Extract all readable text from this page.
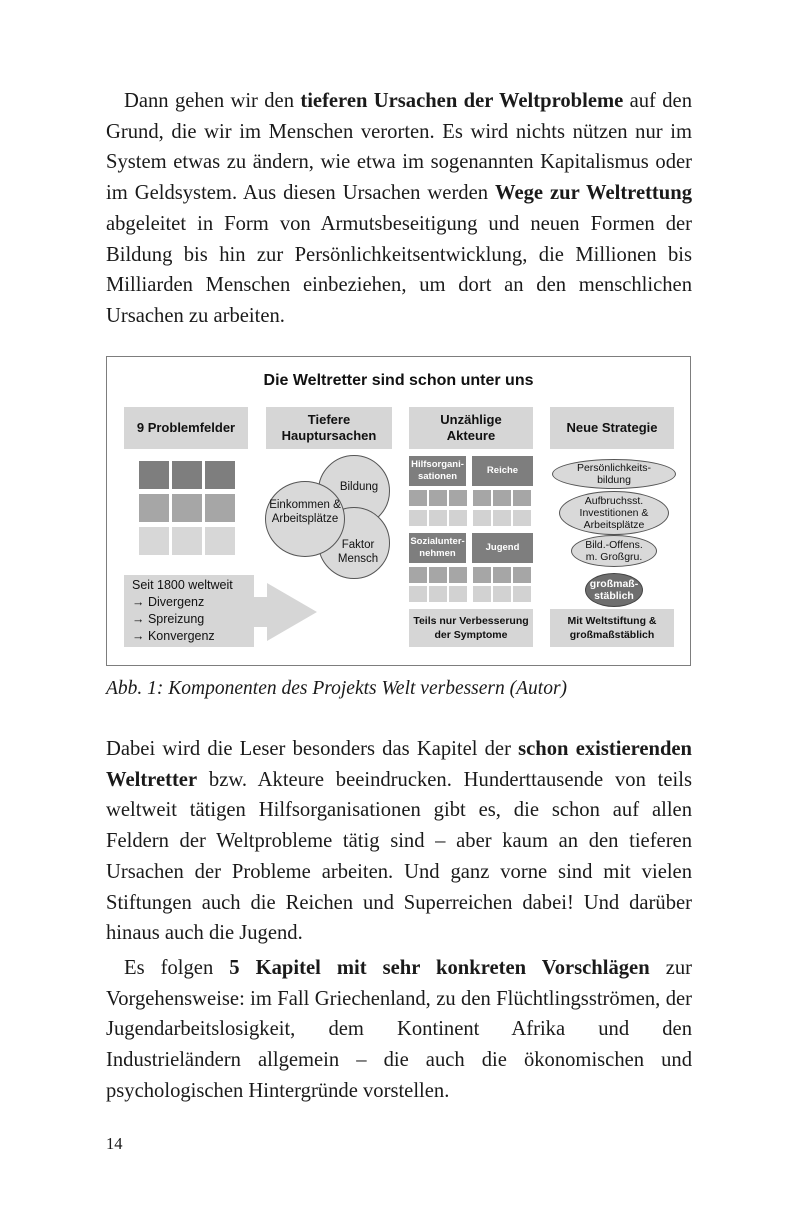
Dann gehen wir den tieferen Ursachen der Weltprobleme auf den Grund, die wir im Menschen verorten. Es wird nichts nützen nur im System etwas zu ändern, wie etwa im sogenannten Kapitalismus oder im Geldsystem. Aus diesen Ursachen werden Wege zur Weltrettung abgeleitet in Form von Armutsbeseitigung und neuen Formen der Bildung bis hin zur Persönlichkeitsentwicklung, die Millionen bis Milliarden Menschen einbeziehen, um dort an den menschlichen Ursachen zu arbeiten.

Die Weltretter sind schon unter uns
9 Problemfelder
Tiefere
Hauptursachen
Unzählige
Akteure
Neue Strategie
Seit 1800 weltweit
→ Divergenz
→ Spreizung
→ Konvergenz
Bildung
Faktor
Mensch
Einkommen &
Arbeitsplätze
Hilfsorgani-
sationen
Reiche
Sozialunter-
nehmen
Jugend
Teils nur Verbesserung
der Symptome
Persönlichkeits-
bildung
Aufbruchsst.
Investitionen &
Arbeitsplätze
Bild.-Offens.
m. Großgru.
großmaß-
stäblich
Mit Weltstiftung &
großmaßstäblich

Abb. 1: Komponenten des Projekts Welt verbessern (Autor)

Dabei wird die Leser besonders das Kapitel der schon existierenden Weltretter bzw. Akteure beeindrucken. Hunderttausende von teils weltweit tätigen Hilfsorganisationen gibt es, die schon auf allen Feldern der Weltprobleme tätig sind – aber kaum an den tieferen Ursachen der Probleme arbeiten. Und ganz vorne sind mit vielen Stiftungen auch die Reichen und Superreichen dabei! Und darüber hinaus auch die Jugend.

Es folgen 5 Kapitel mit sehr konkreten Vorschlägen zur Vorgehensweise: im Fall Griechenland, zu den Flüchtlingsströmen, der Jugendarbeitslosigkeit, dem Kontinent Afrika und den Industrieländern allgemein – die auch die ökonomischen und psychologischen Hintergründe vorstellen.

14
